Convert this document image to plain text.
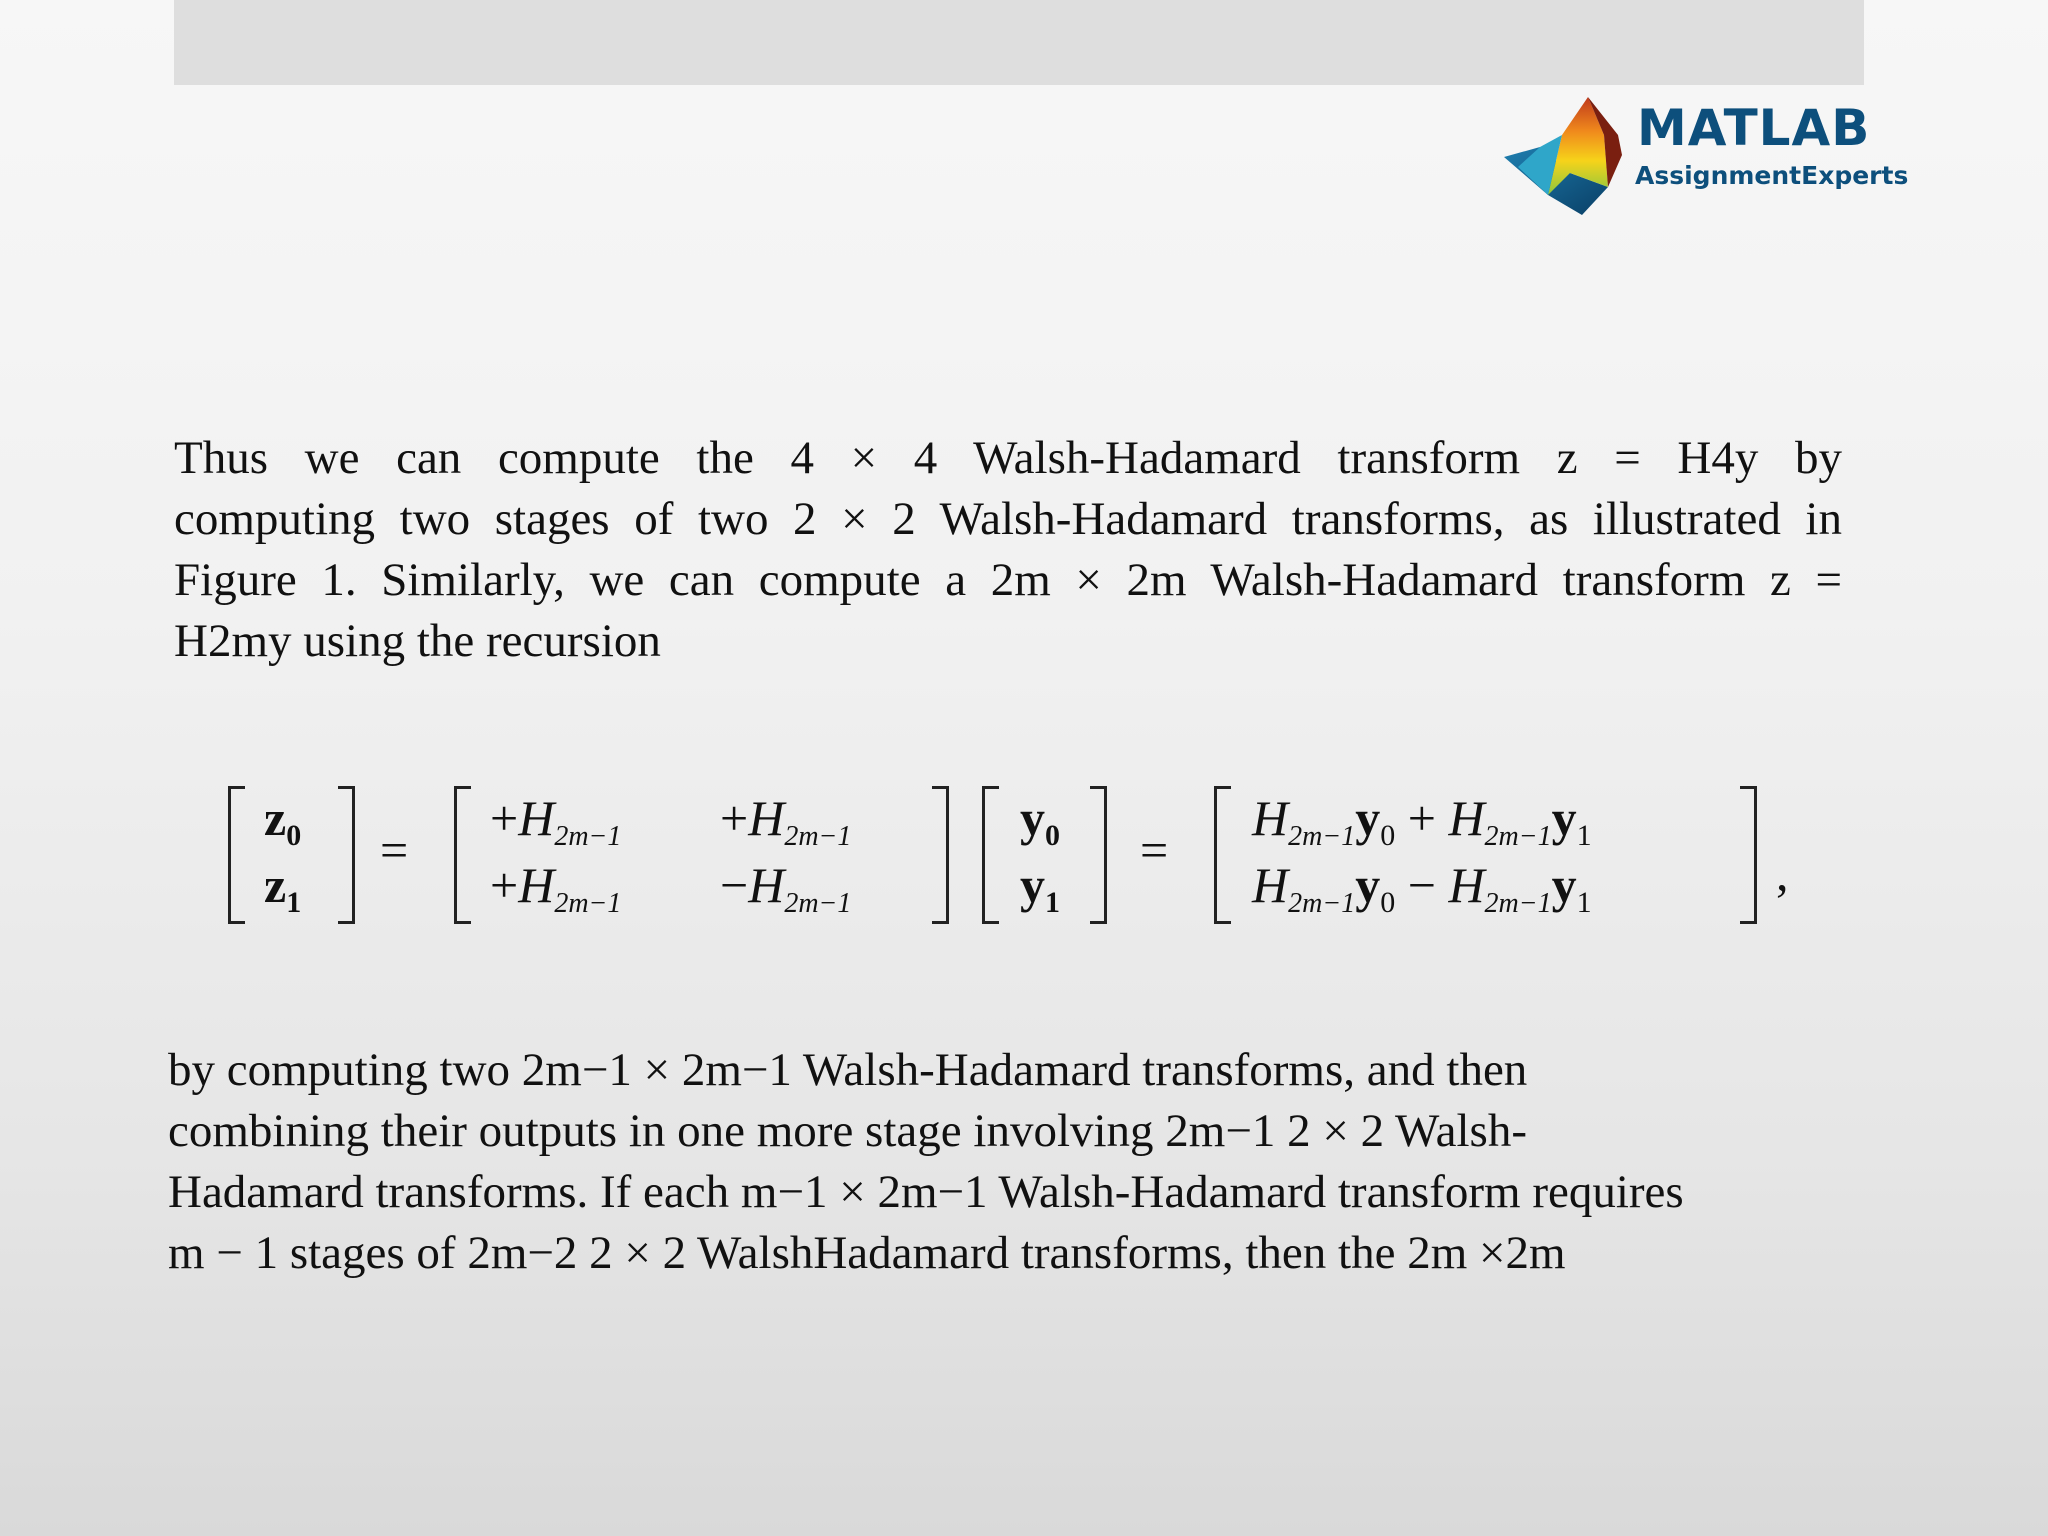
MATLAB
AssignmentExperts
Thus we can compute the 4 × 4 Walsh-Hadamard transform z = H4y by
computing two stages of two 2 × 2 Walsh-Hadamard transforms, as illustrated in
Figure 1. Similarly, we can compute a 2m × 2m Walsh-Hadamard transform z =
H2my using the recursion
$z_0$
$z_1$
=
$+H_{2m-1} +H_{2m-1}$
$+H_{2m-1} -H_{2m-1}$
$y_0$
$y_1$
=
$H_{2m-1}y_0 + H_{2m-1}y_1$
$H_{2m-1}y_0 - H_{2m-1}y_1$
,
by computing two 2m−1 × 2m−1 Walsh-Hadamard transforms, and then
combining their outputs in one more stage involving 2m−1 2 × 2 Walsh-
Hadamard transforms. If each m−1 × 2m−1 Walsh-Hadamard transform requires
m − 1 stages of 2m−2 2 × 2 WalshHadamard transforms, then the 2m ×2m
